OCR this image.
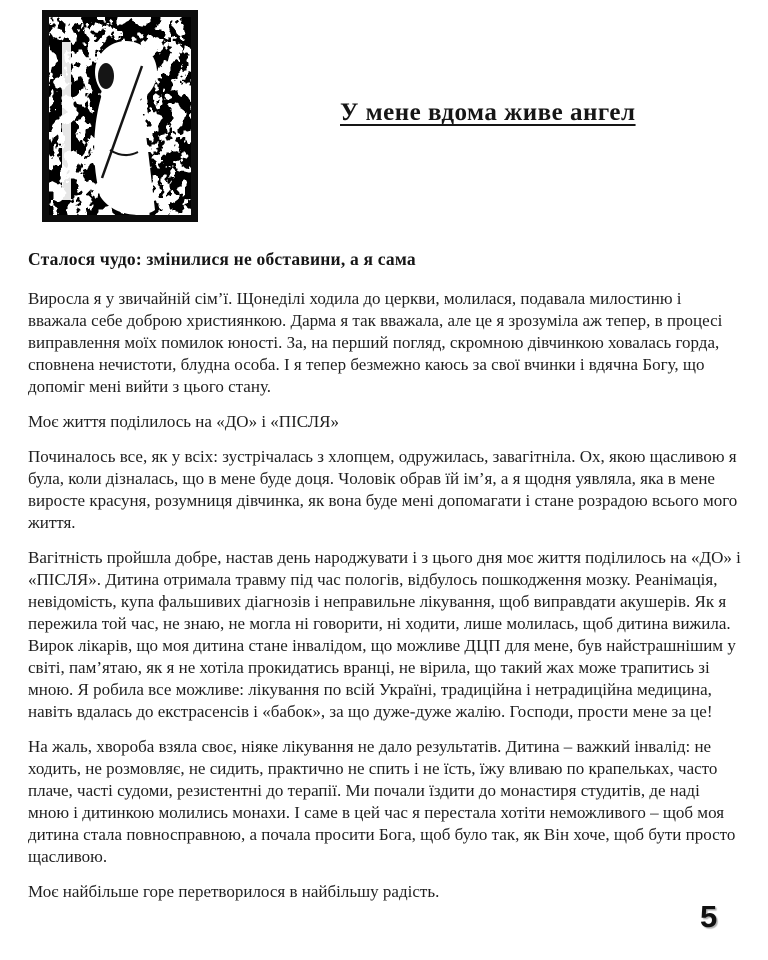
У мене вдома живе ангел
Сталося чудо: змінилися не обставини, а я сама

Виросла я у звичайній сім’ї. Щонеділі ходила до церкви, молилася, подавала милостиню і вважала себе доброю християнкою. Дарма я так вважала, але це я зрозуміла аж тепер, в процесі виправлення моїх помилок юності. За, на перший погляд, скромною дівчинкою ховалась горда, сповнена нечистоти, блудна особа. І я тепер безмежно каюсь за свої вчинки і вдячна Богу, що допоміг мені вийти з цього стану.

Моє життя поділилось на «ДО» і «ПІСЛЯ»

Починалось все, як у всіх: зустрічалась з хлопцем, одружилась, завагітніла. Ох, якою щасливою я була, коли дізналась, що в мене буде доця. Чоловік обрав їй ім’я, а я щодня уявляла, яка в мене виросте красуня, розумниця дівчинка, як вона буде мені допомагати і стане розрадою всього мого життя.

Вагітність пройшла добре, настав день народжувати і з цього дня моє життя поділилось на «ДО» і «ПІСЛЯ». Дитина отримала травму під час пологів, відбулось пошкодження мозку. Реанімація, невідомість, купа фальшивих діагнозів і неправильне лікування, щоб виправдати акушерів. Як я пережила той час, не знаю, не могла ні говорити, ні ходити, лише молилась, щоб дитина вижила. Вирок лікарів, що моя дитина стане інвалідом, що можливе ДЦП для мене, був найстрашнішим у світі, пам’ятаю, як я не хотіла прокидатись вранці, не вірила, що такий жах може трапитись зі мною. Я робила все можливе: лікування по всій Україні, традиційна і нетрадиційна медицина, навіть вдалась до екстрасенсів і «бабок», за що дуже-дуже жалію. Господи, прости мене за це!

На жаль, хвороба взяла своє, ніяке лікування не дало результатів. Дитина – важкий інвалід: не ходить, не розмовляє, не сидить, практично не спить і не їсть, їжу вливаю по крапельках, часто плаче, часті судоми, резистентні до терапії. Ми почали їздити до монастиря студитів, де наді мною і дитинкою молились монахи. І саме в цей час я перестала хотіти неможливого – щоб моя дитина стала повносправною, а почала просити Бога, щоб було так, як Він хоче, щоб бути просто щасливою.

Моє найбільше горе перетворилося в найбільшу радість.

5
